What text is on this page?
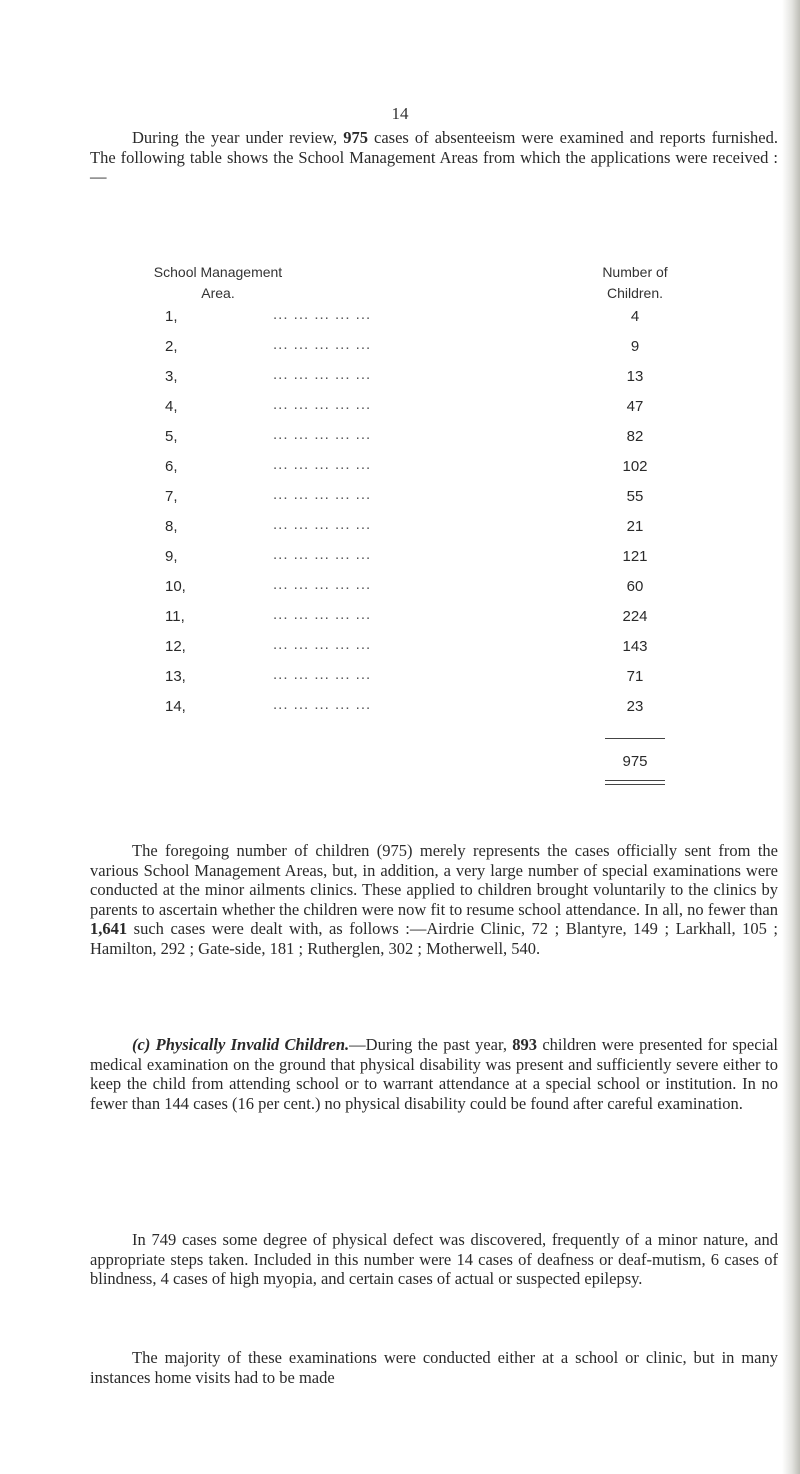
14

During the year under review, 975 cases of absenteeism were examined and reports furnished. The following table shows the School Management Areas from which the applications were received :—

School Management
Area.
Number of
Children.
1,	... ... ... ... ...	4
2,	... ... ... ... ...	9
3,	... ... ... ... ...	13
4,	... ... ... ... ...	47
5,	... ... ... ... ...	82
6,	... ... ... ... ...	102
7,	... ... ... ... ...	55
8,	... ... ... ... ...	21
9,	... ... ... ... ...	121
10,	... ... ... ... ...	60
11,	... ... ... ... ...	224
12,	... ... ... ... ...	143
13,	... ... ... ... ...	71
14,	... ... ... ... ...	23
975

The foregoing number of children (975) merely represents the cases officially sent from the various School Management Areas, but, in addition, a very large number of special examinations were conducted at the minor ailments clinics. These applied to children brought voluntarily to the clinics by parents to ascertain whether the children were now fit to resume school attendance. In all, no fewer than 1,641 such cases were dealt with, as follows :—Airdrie Clinic, 72 ; Blantyre, 149 ; Larkhall, 105 ; Hamilton, 292 ; Gate-side, 181 ; Rutherglen, 302 ; Motherwell, 540.

(c) Physically Invalid Children.—During the past year, 893 children were presented for special medical examination on the ground that physical disability was present and sufficiently severe either to keep the child from attending school or to warrant attendance at a special school or institution. In no fewer than 144 cases (16 per cent.) no physical disability could be found after careful examination.

In 749 cases some degree of physical defect was discovered, frequently of a minor nature, and appropriate steps taken. Included in this number were 14 cases of deafness or deaf-mutism, 6 cases of blindness, 4 cases of high myopia, and certain cases of actual or suspected epilepsy.

The majority of these examinations were conducted either at a school or clinic, but in many instances home visits had to be made
